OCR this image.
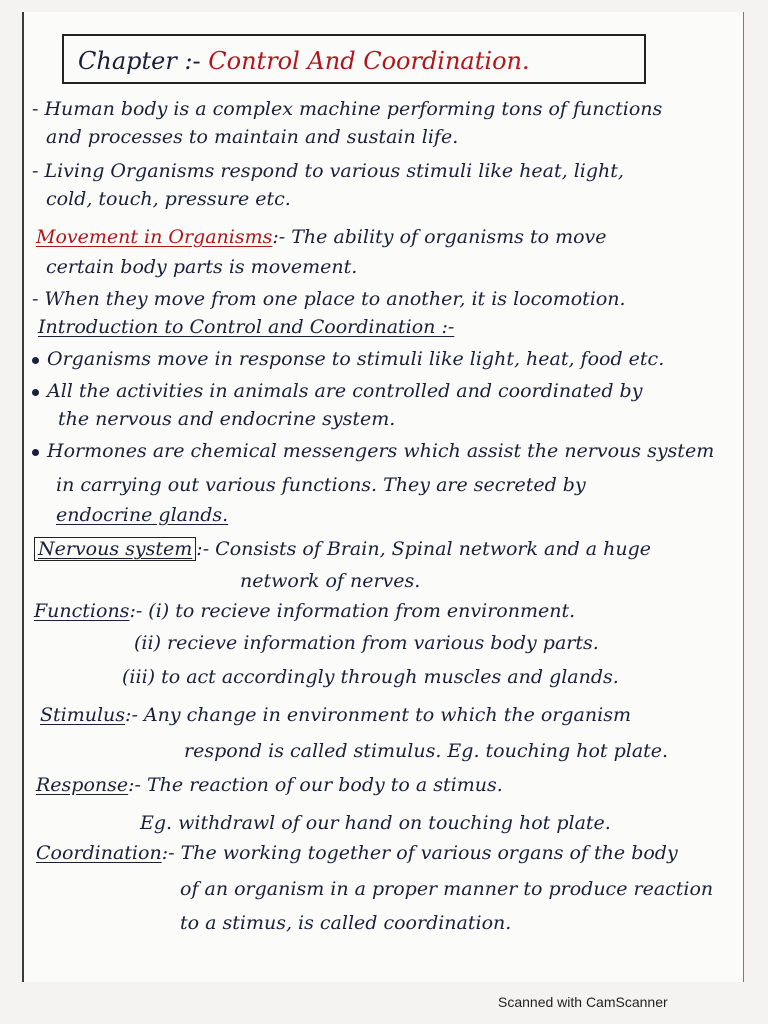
Chapter :- Control And Coordination.
- Human body is a complex machine performing tons of functions
and processes to maintain and sustain life.
- Living Organisms respond to various stimuli like heat, light,
cold, touch, pressure etc.
Movement in Organisms:- The ability of organisms to move
certain body parts is movement.
- When they move from one place to another, it is locomotion.
Introduction to Control and Coordination :-
Organisms move in response to stimuli like light, heat, food etc.
All the activities in animals are controlled and coordinated by
the nervous and endocrine system.
Hormones are chemical messengers which assist the nervous system
in carrying out various functions. They are secreted by
endocrine glands.
Nervous system :- Consists of Brain, Spinal network and a huge
network of nerves.
Functions:- (i) to recieve information from environment.
(ii) recieve information from various body parts.
(iii) to act accordingly through muscles and glands.
Stimulus:- Any change in environment to which the organism
respond is called stimulus. Eg. touching hot plate.
Response:- The reaction of our body to a stimus.
Eg. withdrawl of our hand on touching hot plate.
Coordination:- The working together of various organs of the body
of an organism in a proper manner to produce reaction
to a stimus, is called coordination.
Scanned with CamScanner
